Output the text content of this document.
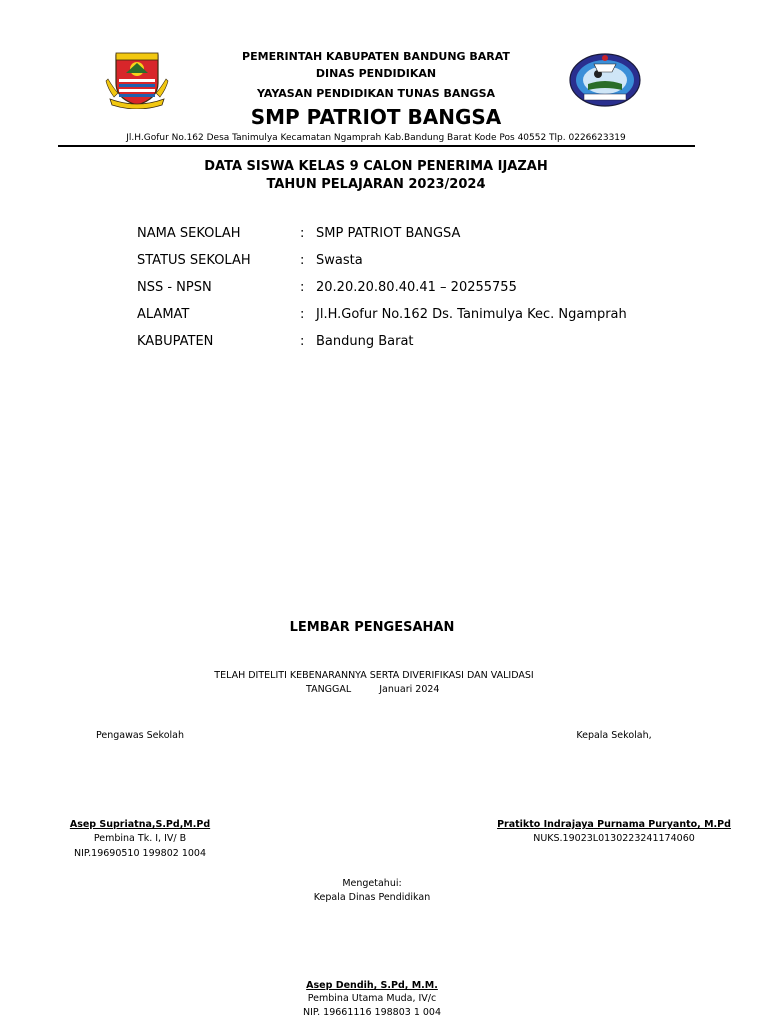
PEMERINTAH KABUPATEN BANDUNG BARAT
DINAS PENDIDIKAN
YAYASAN PENDIDIKAN TUNAS BANGSA
SMP PATRIOT BANGSA
Jl.H.Gofur No.162 Desa Tanimulya Kecamatan Ngamprah Kab.Bandung Barat Kode Pos 40552 Tlp. 0226623319
DATA SISWA KELAS 9 CALON PENERIMA IJAZAH
TAHUN PELAJARAN 2023/2024
NAMA SEKOLAH	: SMP PATRIOT BANGSA
STATUS SEKOLAH	: Swasta
NSS - NPSN	: 20.20.20.80.40.41 – 20255755
ALAMAT	: Jl.H.Gofur No.162 Ds. Tanimulya Kec. Ngamprah
KABUPATEN	: Bandung Barat
LEMBAR PENGESAHAN
TELAH DITELITI KEBENARANNYA SERTA DIVERIFIKASI DAN VALIDASI
TANGGAL	Januari 2024
Pengawas Sekolah
Asep Supriatna,S.Pd,M.Pd
Pembina Tk. I, IV/ B
NIP.19690510 199802 1004
Kepala Sekolah,
Pratikto Indrajaya Purnama Puryanto, M.Pd
NUKS.19023L0130223241174060
Mengetahui:
Kepala Dinas Pendidikan
Asep Dendih, S.Pd, M.M.
Pembina Utama Muda, IV/c
NIP. 19661116 198803 1 004
